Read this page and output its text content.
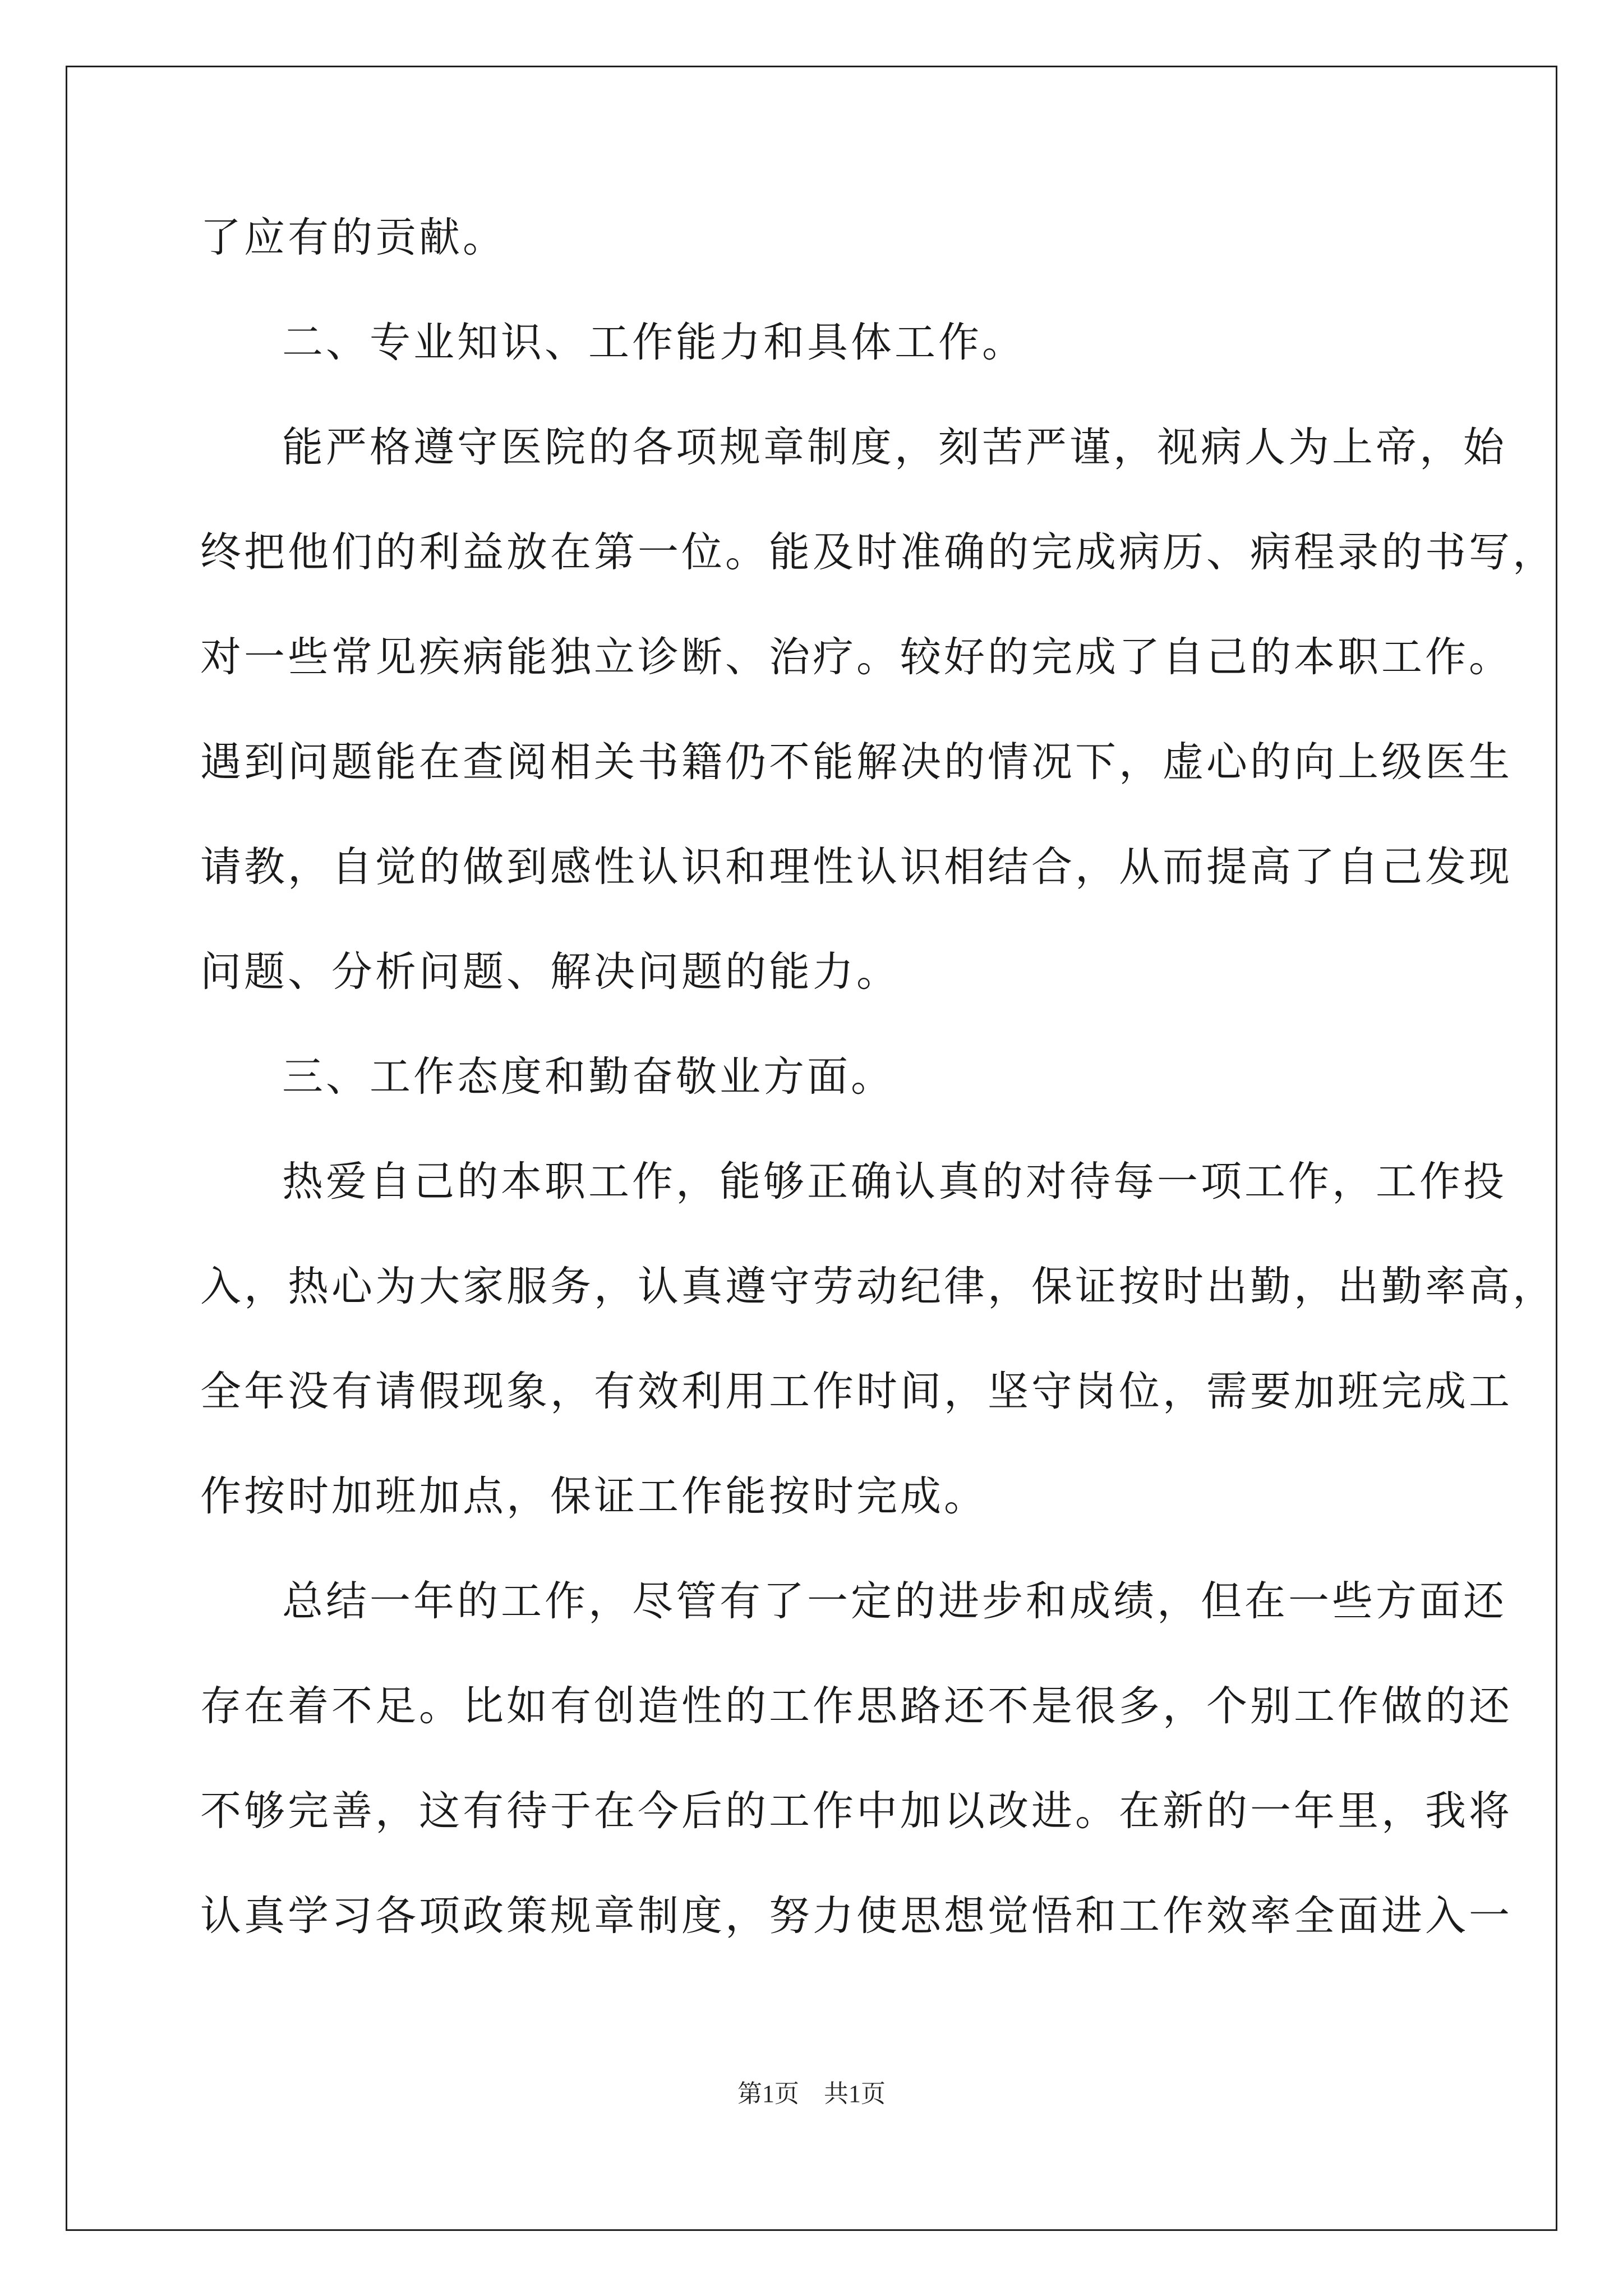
了应有的贡献。
二、专业知识、工作能力和具体工作。
能严格遵守医院的各项规章制度，刻苦严谨，视病人为上帝，始
终把他们的利益放在第一位。能及时准确的完成病历、病程录的书写，
对一些常见疾病能独立诊断、治疗。较好的完成了自己的本职工作。
遇到问题能在查阅相关书籍仍不能解决的情况下，虚心的向上级医生
请教，自觉的做到感性认识和理性认识相结合，从而提高了自己发现
问题、分析问题、解决问题的能力。
三、工作态度和勤奋敬业方面。
热爱自己的本职工作，能够正确认真的对待每一项工作，工作投
入，热心为大家服务，认真遵守劳动纪律，保证按时出勤，出勤率高，
全年没有请假现象，有效利用工作时间，坚守岗位，需要加班完成工
作按时加班加点，保证工作能按时完成。
总结一年的工作，尽管有了一定的进步和成绩，但在一些方面还
存在着不足。比如有创造性的工作思路还不是很多，个别工作做的还
不够完善，这有待于在今后的工作中加以改进。在新的一年里，我将
认真学习各项政策规章制度，努力使思想觉悟和工作效率全面进入一
第1页　共1页
